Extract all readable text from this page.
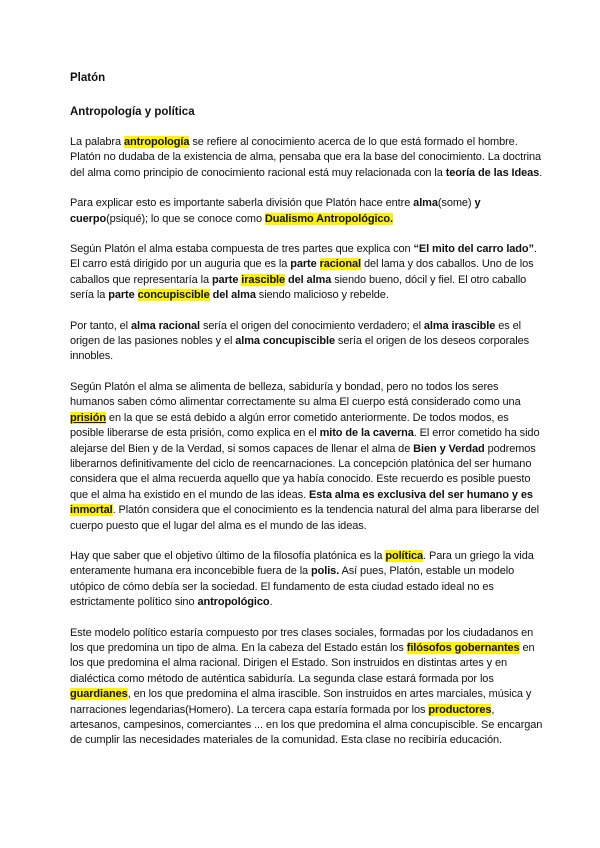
Platón
Antropología y política

La palabra antropología se refiere al conocimiento acerca de lo que está formado el hombre. Platón no dudaba de la existencia de alma, pensaba que era la base del conocimiento. La doctrina del alma como principio de conocimiento racional está muy relacionada con la teoría de las Ideas.

Para explicar esto es importante saberla división que Platón hace entre alma(some) y cuerpo(psiqué); lo que se conoce como Dualismo Antropológico.

Según Platón el alma estaba compuesta de tres partes que explica con “El mito del carro lado”. El carro está dirigido por un auguria que es la parte racional del lama y dos caballos. Uno de los caballos que representaría la parte irascible del alma siendo bueno, dócil y fiel. El otro caballo sería la parte concupiscible del alma siendo malicioso y rebelde.

Por tanto, el alma racional sería el origen del conocimiento verdadero; el alma irascible es el origen de las pasiones nobles y el alma concupiscible sería el origen de los deseos corporales innobles.

Según Platón el alma se alimenta de belleza, sabiduría y bondad, pero no todos los seres humanos saben cómo alimentar correctamente su alma El cuerpo está considerado como una prisión en la que se está debido a algún error cometido anteriormente. De todos modos, es posible liberarse de esta prisión, como explica en el mito de la caverna. El error cometido ha sido alejarse del Bien y de la Verdad, si somos capaces de llenar el alma de Bien y Verdad podremos liberarnos definitivamente del ciclo de reencarnaciones. La concepción platónica del ser humano considera que el alma recuerda aquello que ya había conocido. Este recuerdo es posible puesto que el alma ha existido en el mundo de las ideas. Esta alma es exclusiva del ser humano y es inmortal. Platón considera que el conocimiento es la tendencia natural del alma para liberarse del cuerpo puesto que el lugar del alma es el mundo de las ideas.

Hay que saber que el objetivo último de la filosofía platónica es la política. Para un griego la vida enteramente humana era inconcebible fuera de la polis. Así pues, Platón, estable un modelo utópico de cómo debía ser la sociedad. El fundamento de esta ciudad estado ideal no es estrictamente político sino antropológico.

Este modelo político estaría compuesto por tres clases sociales, formadas por los ciudadanos en los que predomina un tipo de alma. En la cabeza del Estado están los filósofos gobernantes en los que predomina el alma racional. Dirigen el Estado. Son instruidos en distintas artes y en dialéctica como método de auténtica sabiduría. La segunda clase estará formada por los guardianes, en los que predomina el alma irascible. Son instruidos en artes marciales, música y narraciones legendarias(Homero). La tercera capa estaría formada por los productores, artesanos, campesinos, comerciantes ... en los que predomina el alma concupiscible. Se encargan de cumplir las necesidades materiales de la comunidad. Esta clase no recibiría educación.
